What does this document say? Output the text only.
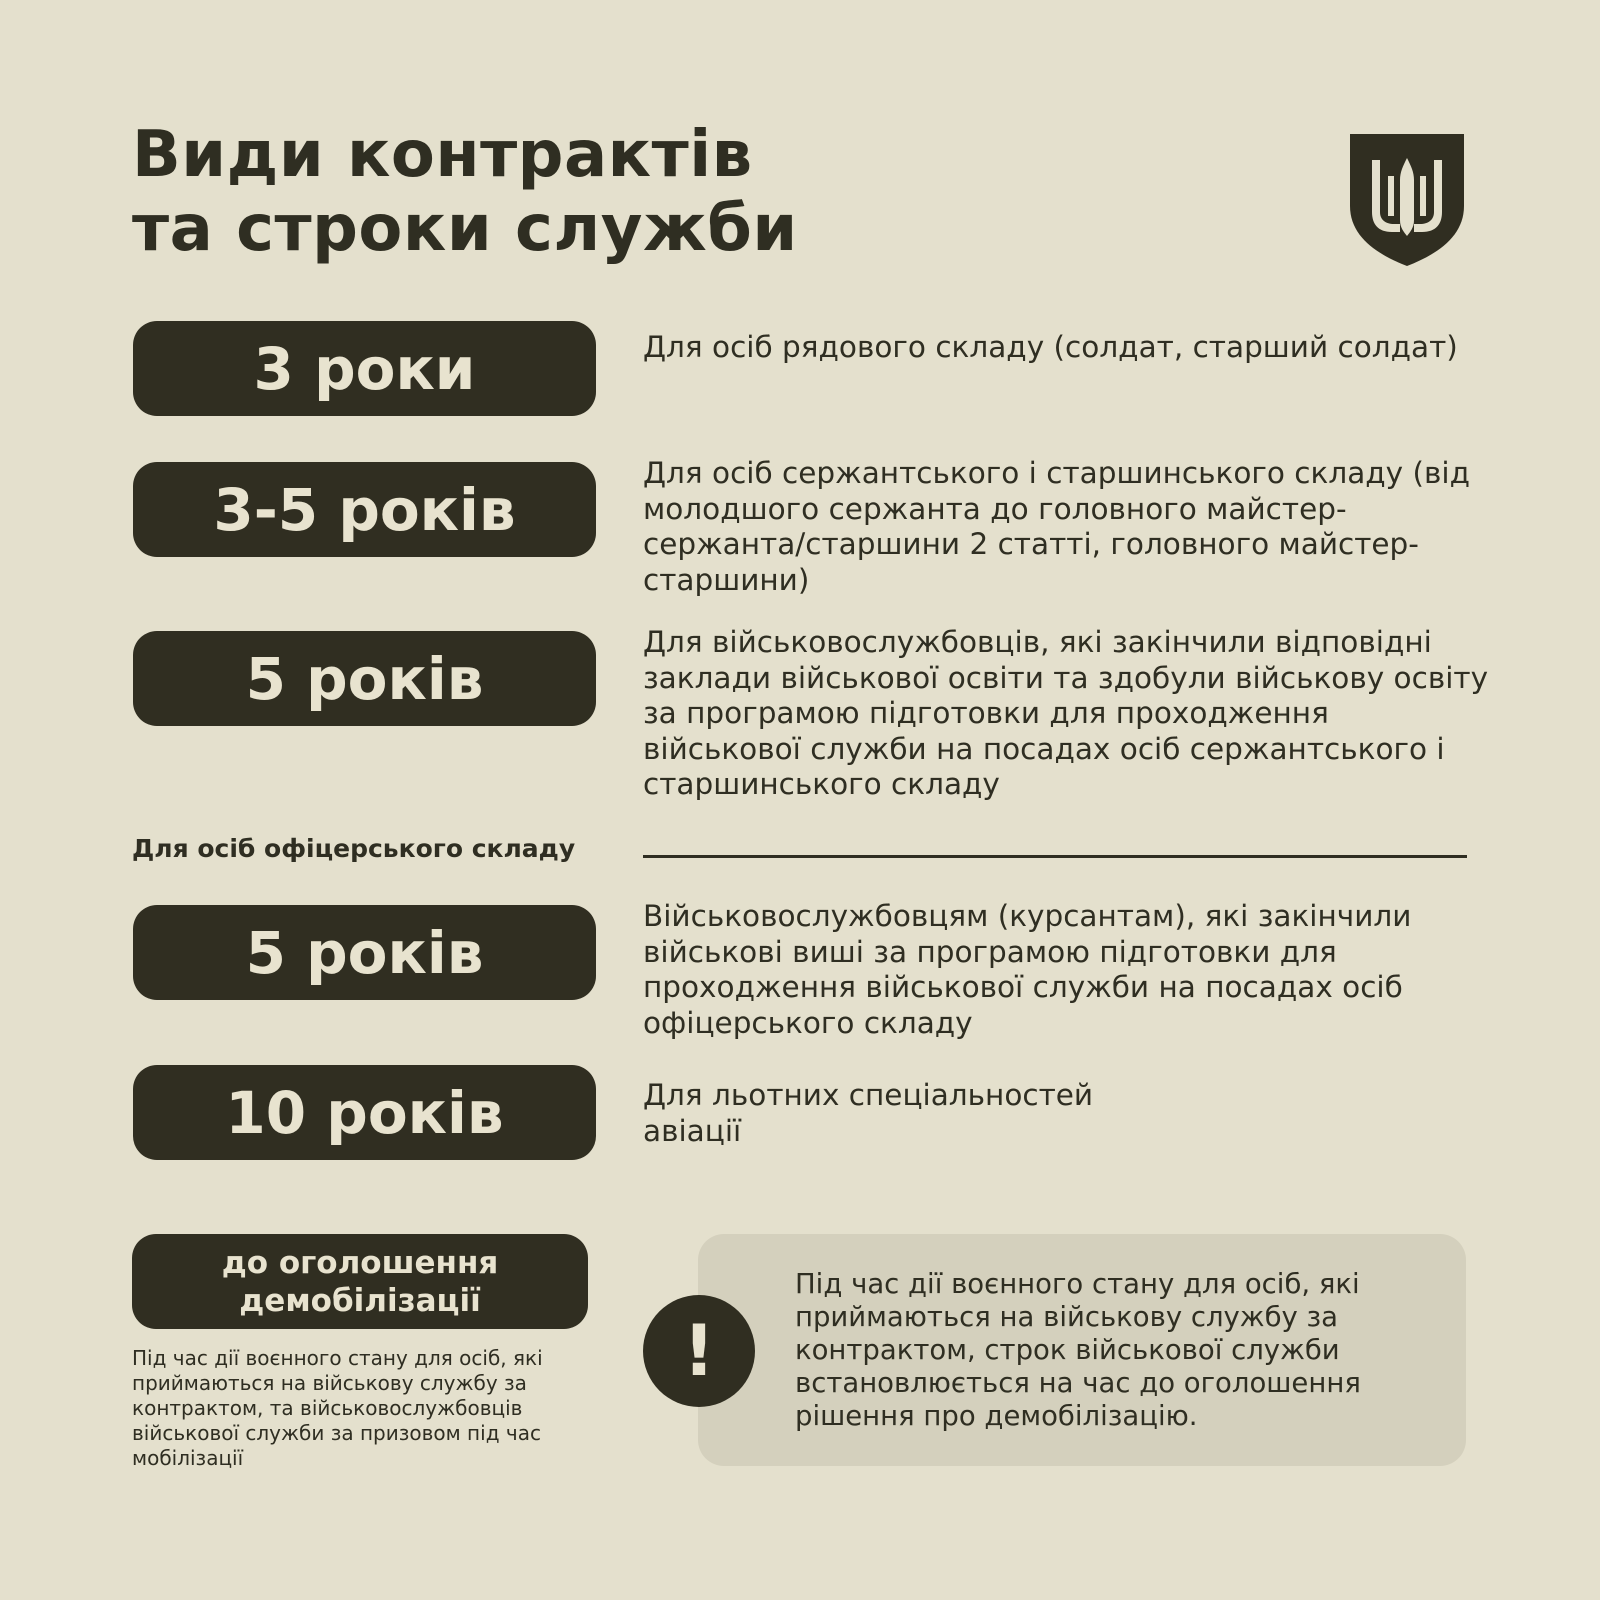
Види контрактів
та строки служби
3 роки	Для осіб рядового складу (солдат, старший солдат)
3-5 років
Для осіб сержантського і старшинського складу (від молодшого сержанта до головного майстер-сержанта/старшини 2 статті, головного майстер-старшини)
5 років
Для військовослужбовців, які закінчили відповідні заклади військової освіти та здобули військову освіту за програмою підготовки для проходження військової служби на посадах осіб сержантського і старшинського складу
Для осіб офіцерського складу
5 років
Військовослужбовцям (курсантам), які закінчили військові виші за програмою підготовки для проходження військової служби на посадах осіб офіцерського складу
10 років	Для льотних спеціальностей авіації
до оголошення
демобілізації
Під час дії воєнного стану для осіб, які приймаються на військову службу за контрактом, та військовослужбовців військової служби за призовом під час мобілізації
!
Під час дії воєнного стану для осіб, які приймаються на військову службу за контрактом, строк військової служби встановлюється на час до оголошення рішення про демобілізацію.
